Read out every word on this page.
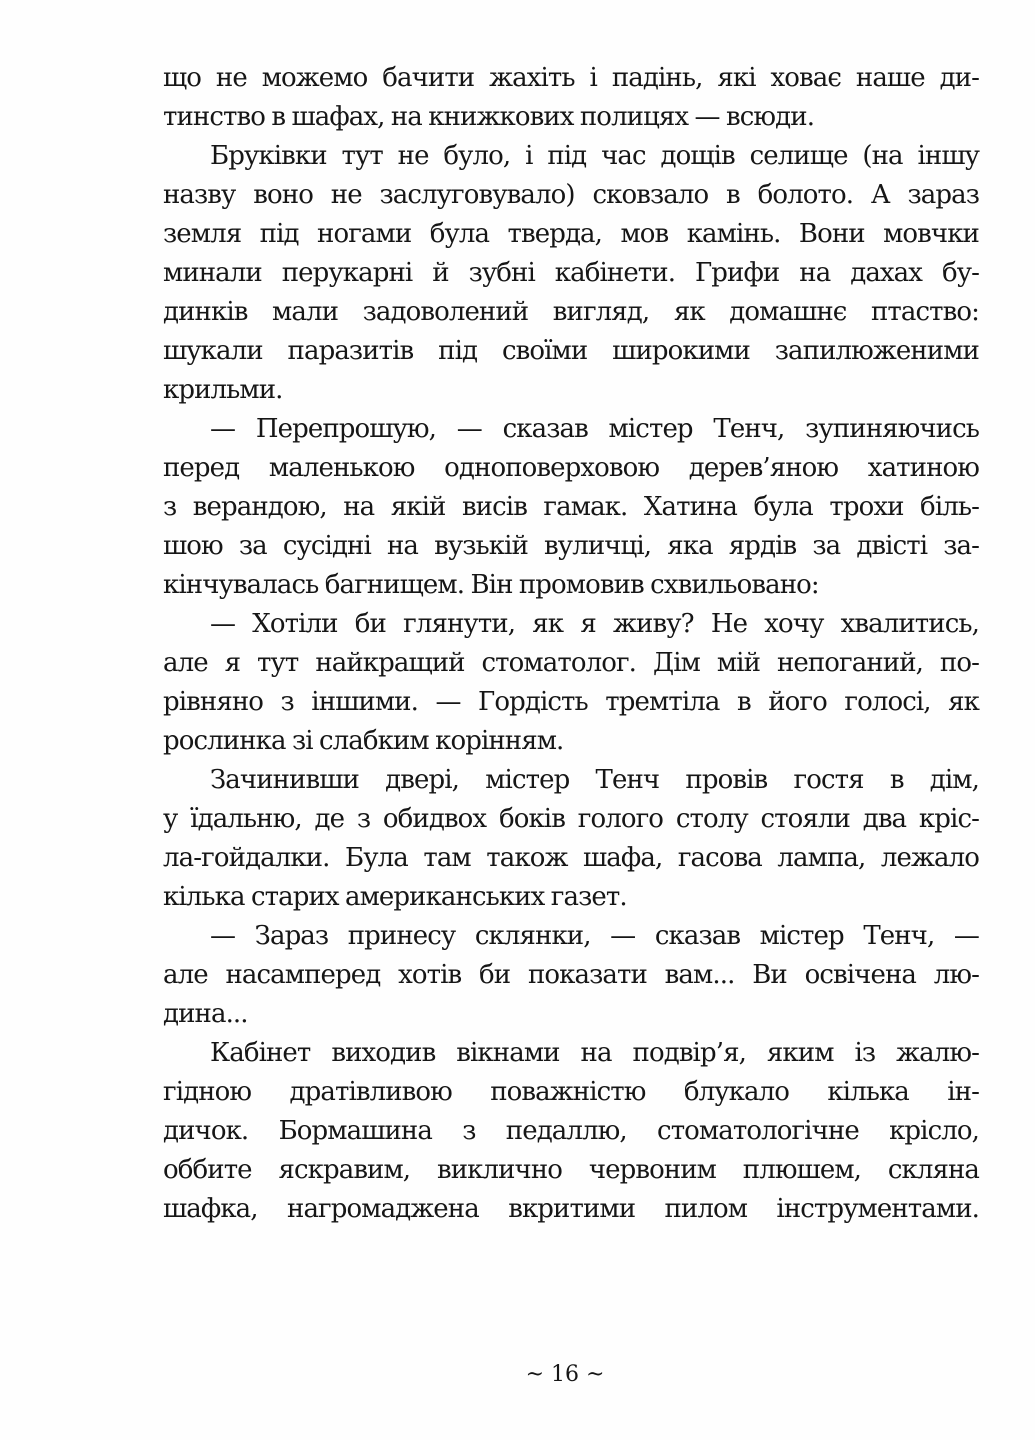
що не можемо бачити жахіть і падінь, які ховає наше ди-
тинство в шафах, на книжкових полицях — всюди.
Бруківки тут не було, і під час дощів селище (на іншу
назву воно не заслуговувало) сковзало в болото. А зараз
земля під ногами була тверда, мов камінь. Вони мовчки
минали перукарні й зубні кабінети. Грифи на дахах бу-
динків мали задоволений вигляд, як домашнє птаство:
шукали паразитів під своїми широкими запилюженими
крильми.
— Перепрошую, — сказав містер Тенч, зупиняючись
перед маленькою одноповерховою дерев’яною хатиною
з верандою, на якій висів гамак. Хатина була трохи біль-
шою за сусідні на вузькій вуличці, яка ярдів за двісті за-
кінчувалась багнищем. Він промовив схвильовано:
— Хотіли би глянути, як я живу? Не хочу хвалитись,
але я тут найкращий стоматолог. Дім мій непоганий, по-
рівняно з іншими. — Гордість тремтіла в його голосі, як
рослинка зі слабким корінням.
Зачинивши двері, містер Тенч провів гостя в дім,
у їдальню, де з обидвох боків голого столу стояли два кріс-
ла-гойдалки. Була там також шафа, гасова лампа, лежало
кілька старих американських газет.
— Зараз принесу склянки, — сказав містер Тенч, —
але насамперед хотів би показати вам... Ви освічена лю-
дина...
Кабінет виходив вікнами на подвір’я, яким із жалю-
гідною дратівливою поважністю блукало кілька ін-
дичок. Бормашина з педаллю, стоматологічне крісло,
оббите яскравим, виклично червоним плюшем, скляна
шафка, нагромаджена вкритими пилом інструментами.
~ 16 ~
